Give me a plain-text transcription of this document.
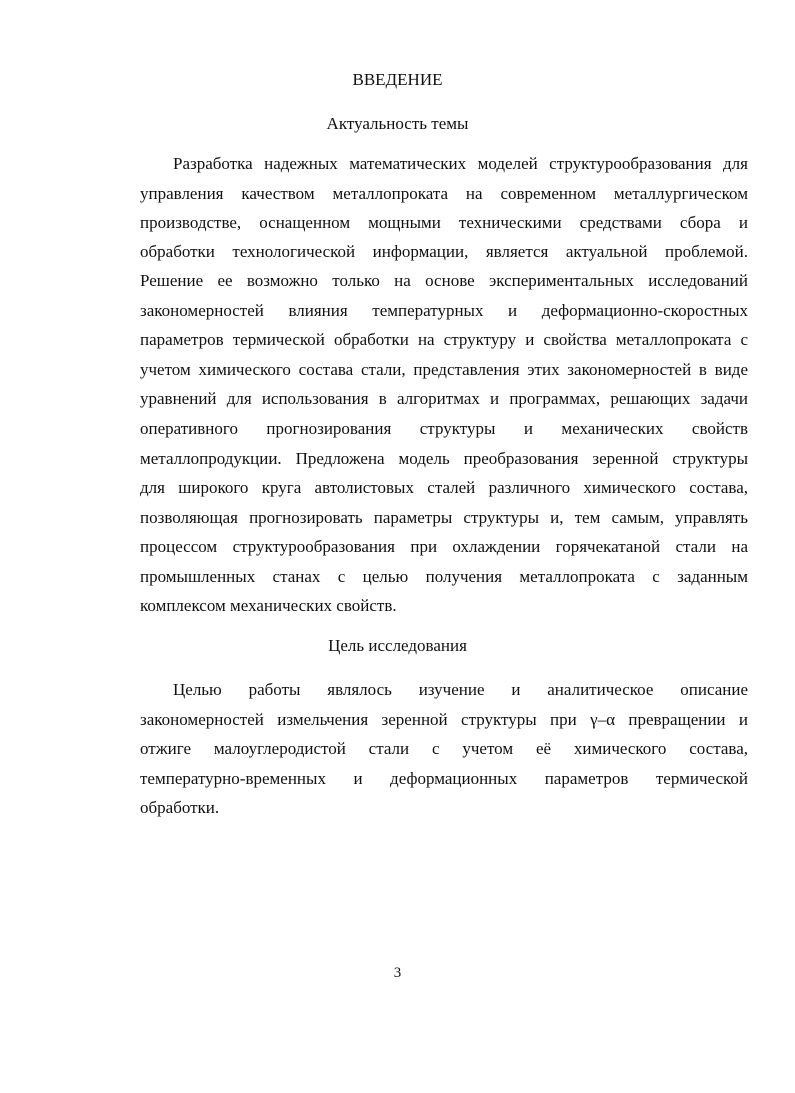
ВВЕДЕНИЕ
Актуальность темы
Разработка надежных математических моделей структурообразования для
управления качеством металлопроката на современном металлургическом
производстве, оснащенном мощными техническими средствами сбора и
обработки технологической информации, является актуальной проблемой.
Решение ее возможно только на основе экспериментальных исследований
закономерностей влияния температурных и деформационно-скоростных
параметров термической обработки на структуру и свойства металлопроката с
учетом химического состава стали, представления этих закономерностей в виде
уравнений для использования в алгоритмах и программах, решающих задачи
оперативного прогнозирования структуры и механических свойств
металлопродукции. Предложена модель преобразования зеренной структуры
для широкого круга автолистовых сталей различного химического состава,
позволяющая прогнозировать параметры структуры и, тем самым, управлять
процессом структурообразования при охлаждении горячекатаной стали на
промышленных станах с целью получения металлопроката с заданным
комплексом механических свойств.
Цель исследования
Целью работы являлось изучение и аналитическое описание
закономерностей измельчения зеренной структуры при γ–α превращении и
отжиге малоуглеродистой стали с учетом её химического состава,
температурно-временных и деформационных параметров термической
обработки.
3
